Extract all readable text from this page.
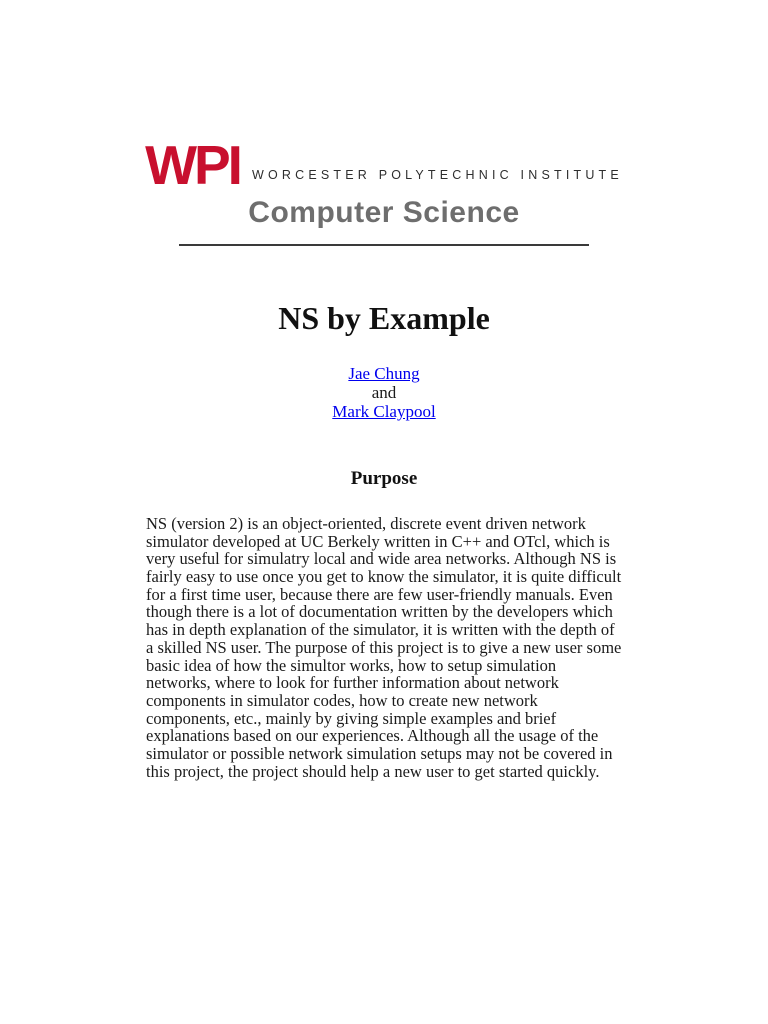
WPI WORCESTER POLYTECHNIC INSTITUTE
Computer Science
NS by Example
Jae Chung
and
Mark Claypool
Purpose

NS (version 2) is an object-oriented, discrete event driven network simulator developed at UC Berkely written in C++ and OTcl, which is very useful for simulatry local and wide area networks. Although NS is fairly easy to use once you get to know the simulator, it is quite difficult for a first time user, because there are few user-friendly manuals. Even though there is a lot of documentation written by the developers which has in depth explanation of the simulator, it is written with the depth of a skilled NS user. The purpose of this project is to give a new user some basic idea of how the simultor works, how to setup simulation networks, where to look for further information about network components in simulator codes, how to create new network components, etc., mainly by giving simple examples and brief explanations based on our experiences. Although all the usage of the simulator or possible network simulation setups may not be covered in this project, the project should help a new user to get started quickly.
